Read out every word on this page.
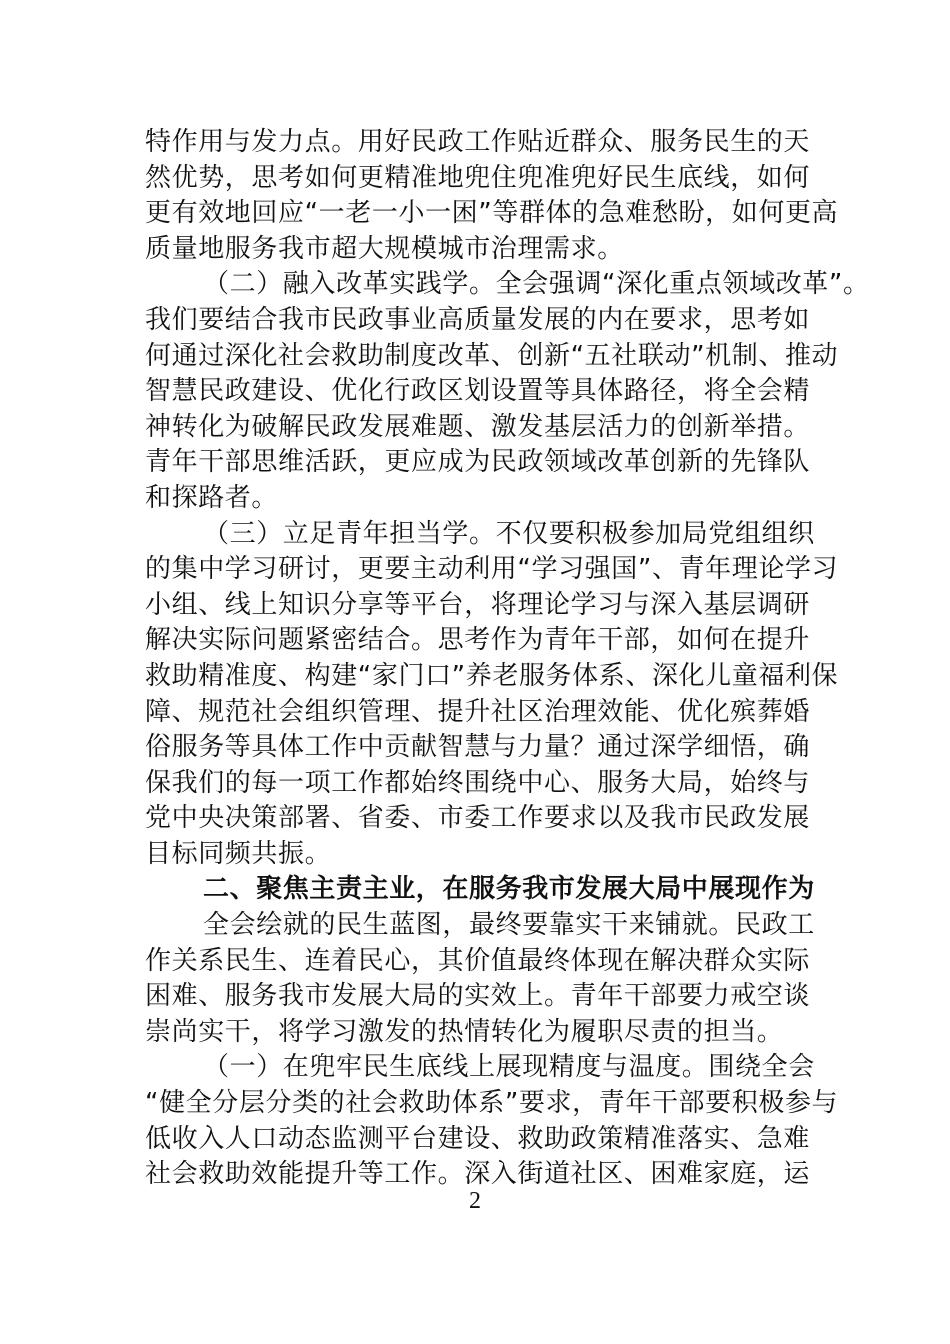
特作用与发力点。用好民政工作贴近群众、服务民生的天
然优势，思考如何更精准地兜住兜准兜好民生底线，如何
更有效地回应“一老一小一困”等群体的急难愁盼，如何更高
质量地服务我市超大规模城市治理需求。
（二）融入改革实践学。全会强调“深化重点领域改革”。
我们要结合我市民政事业高质量发展的内在要求，思考如
何通过深化社会救助制度改革、创新“五社联动”机制、推动
智慧民政建设、优化行政区划设置等具体路径，将全会精
神转化为破解民政发展难题、激发基层活力的创新举措。
青年干部思维活跃，更应成为民政领域改革创新的先锋队
和探路者。
（三）立足青年担当学。不仅要积极参加局党组组织
的集中学习研讨，更要主动利用“学习强国”、青年理论学习
小组、线上知识分享等平台，将理论学习与深入基层调研
解决实际问题紧密结合。思考作为青年干部，如何在提升
救助精准度、构建“家门口”养老服务体系、深化儿童福利保
障、规范社会组织管理、提升社区治理效能、优化殡葬婚
俗服务等具体工作中贡献智慧与力量？通过深学细悟，确
保我们的每一项工作都始终围绕中心、服务大局，始终与
党中央决策部署、省委、市委工作要求以及我市民政发展
目标同频共振。
二、聚焦主责主业，在服务我市发展大局中展现作为
全会绘就的民生蓝图，最终要靠实干来铺就。民政工
作关系民生、连着民心，其价值最终体现在解决群众实际
困难、服务我市发展大局的实效上。青年干部要力戒空谈
崇尚实干，将学习激发的热情转化为履职尽责的担当。
（一）在兜牢民生底线上展现精度与温度。围绕全会
“健全分层分类的社会救助体系”要求，青年干部要积极参与
低收入人口动态监测平台建设、救助政策精准落实、急难
社会救助效能提升等工作。深入街道社区、困难家庭，运
2
